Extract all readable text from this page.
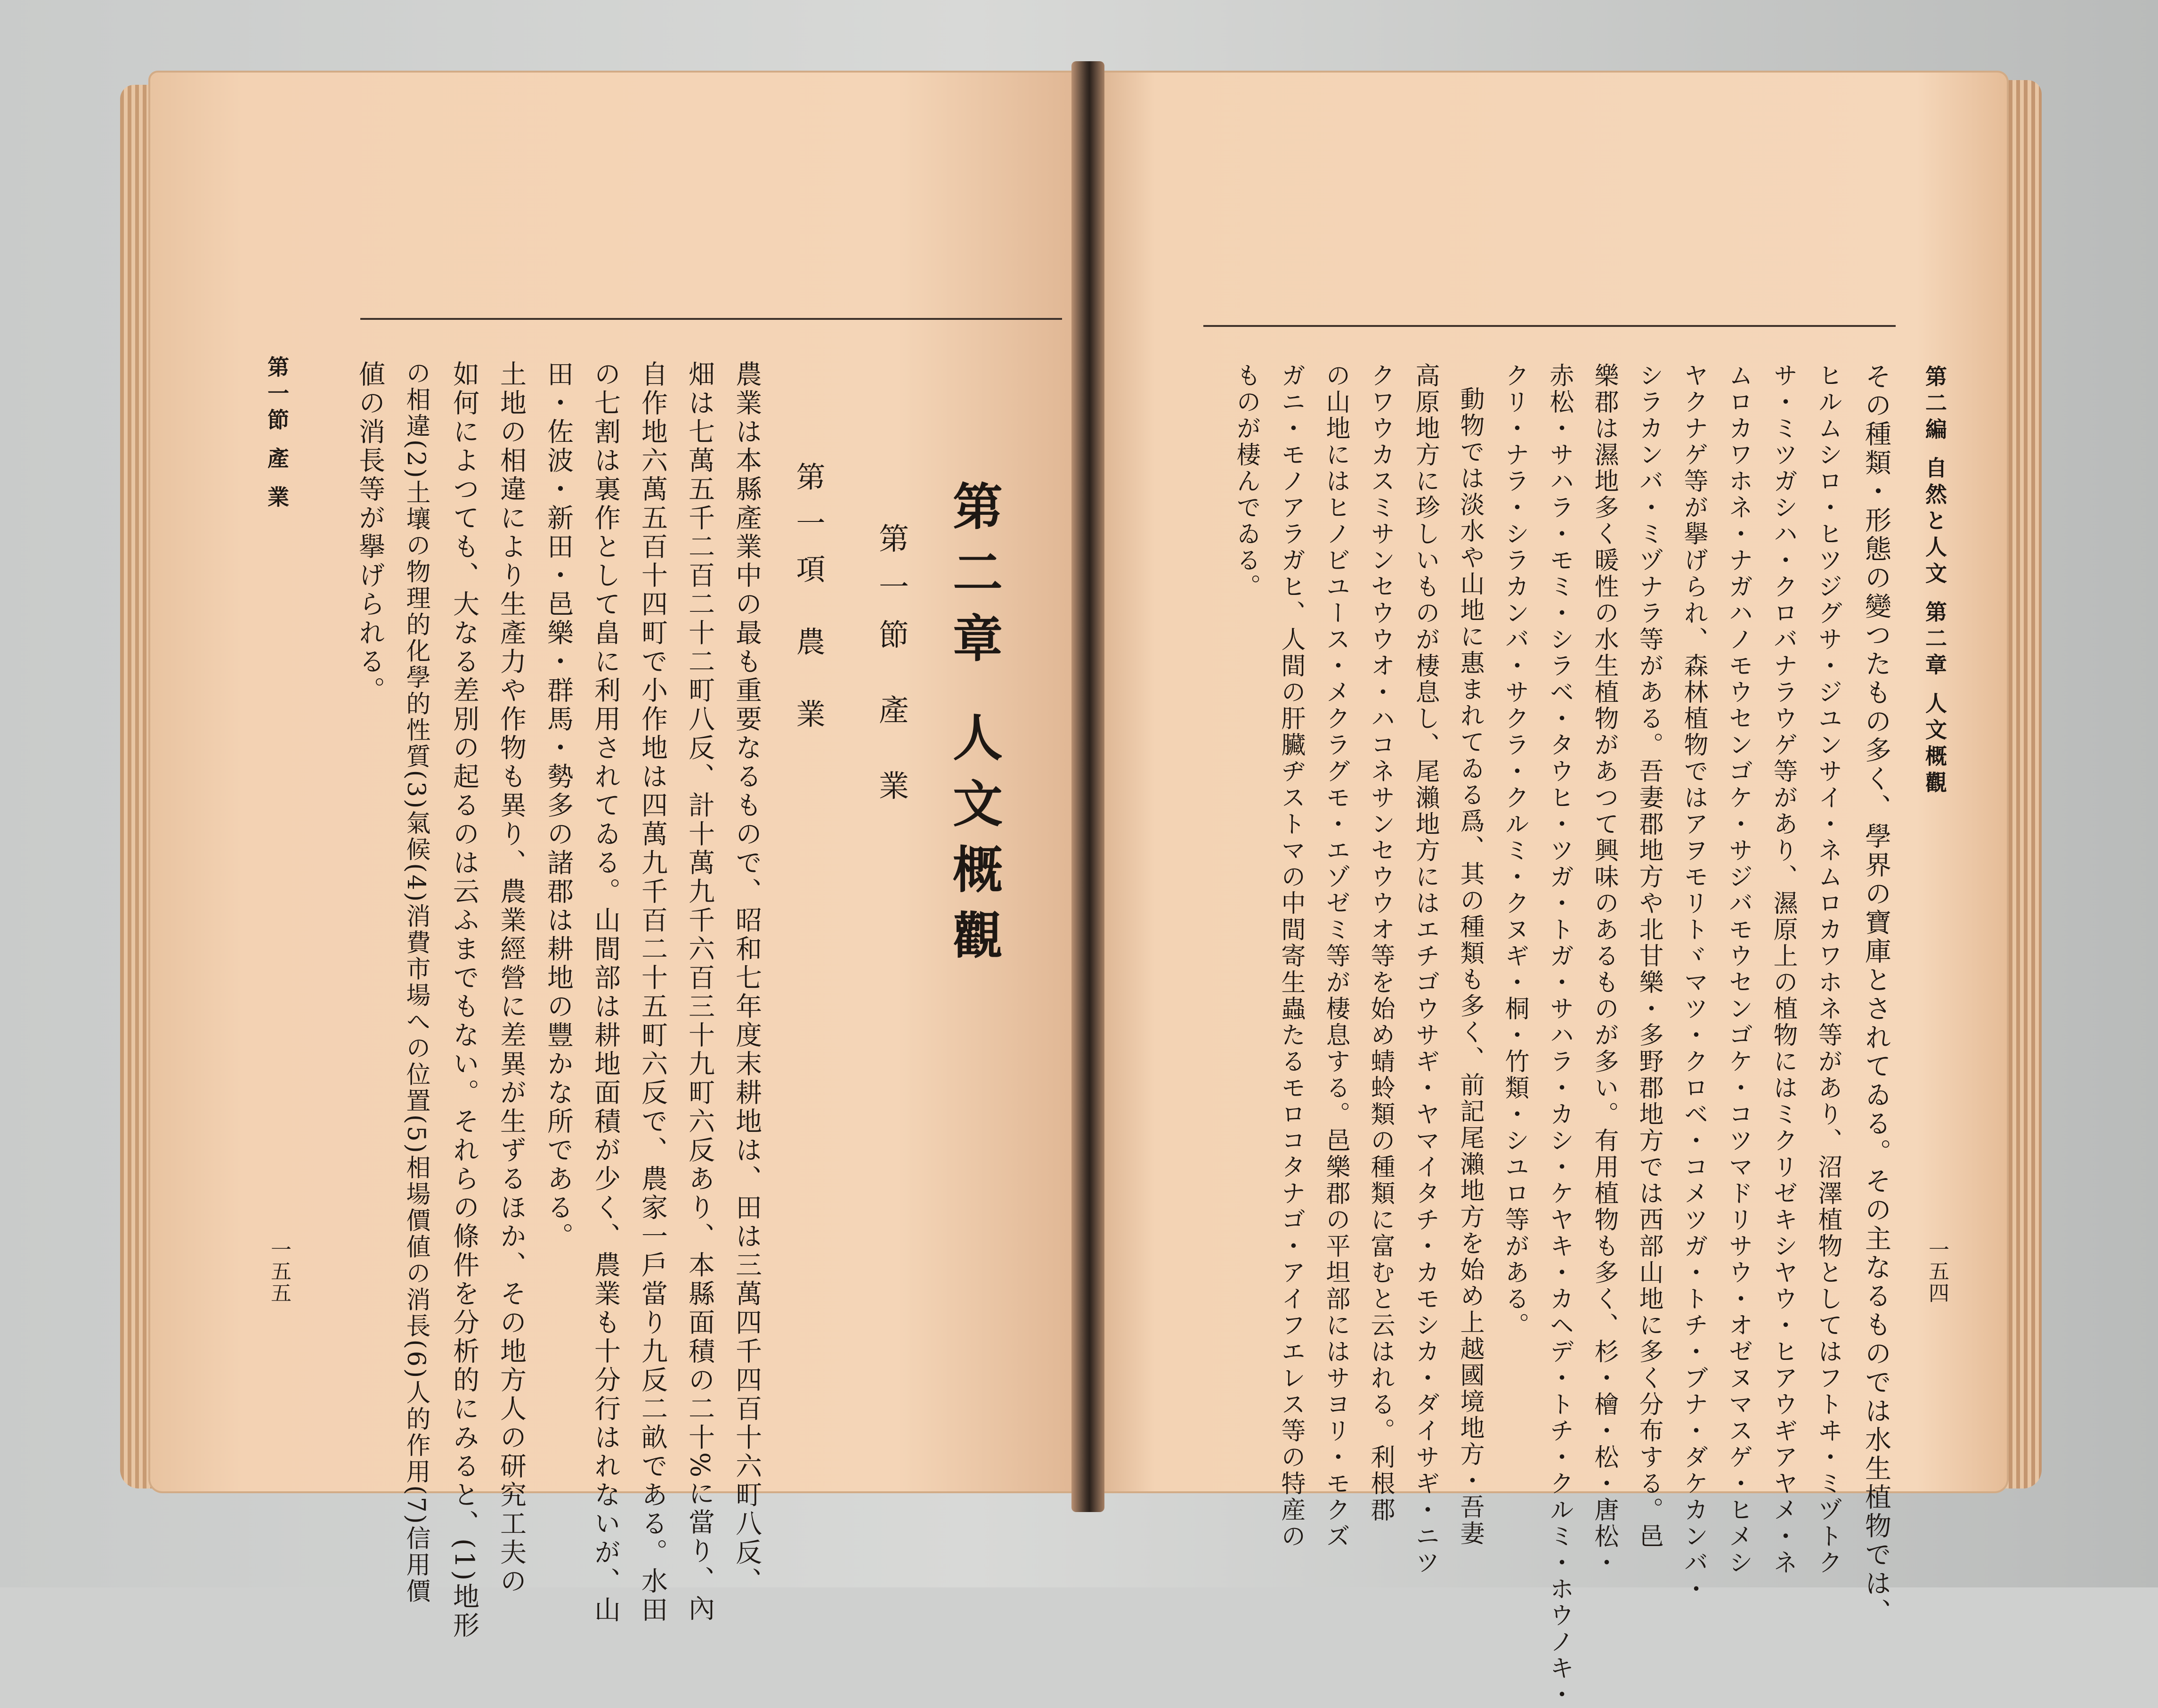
第二章 人文概觀
第一節 產 業
第一項 農 業
農業は本縣產業中の最も重要なるもので、昭和七年度末耕地は、田は三萬四千四百十六町八反、
畑は七萬五千二百二十二町八反、計十萬九千六百三十九町六反あり、本縣面積の二十%に當り、內
自作地六萬五百十四町で小作地は四萬九千百二十五町六反で、農家一戶當り九反二畝である。水田
の七割は裏作として畠に利用されてゐる。山間部は耕地面積が少く、農業も十分行はれないが、山
田・佐波・新田・邑樂・群馬・勢多の諸郡は耕地の豐かな所である。
土地の相違により生產力や作物も異り、農業經營に差異が生ずるほか、その地方人の研究工夫の
如何によつても、大なる差別の起るのは云ふまでもない。それらの條件を分析的にみると、(1)地形
の相違(2)土壤の物理的化學的性質(3)氣候(4)消費市場への位置(5)相場價値の消長(6)人的作用(7)信用價
値の消長等が擧げられる。
第一節 產 業
一五五
第二編 自然と人文 第二章 人文概觀
一五四
その種類・形態の變つたもの多く、學界の寶庫とされてゐる。その主なるものでは水生植物では、
ヒルムシロ・ヒツジグサ・ジユンサイ・ネムロカワホネ等があり、沼澤植物としてはフトヰ・ミヅトク
サ・ミツガシハ・クロバナラウゲ等があり、濕原上の植物にはミクリゼキシヤウ・ヒアウギアヤメ・ネ
ムロカワホネ・ナガハノモウセンゴケ・サジバモウセンゴケ・コツマドリサウ・オゼヌマスゲ・ヒメシ
ヤクナゲ等が擧げられ、森林植物ではアヲモリトヾマツ・クロベ・コメツガ・トチ・ブナ・ダケカンバ・
シラカンバ・ミヅナラ等がある。吾妻郡地方や北甘樂・多野郡地方では西部山地に多く分布する。邑
樂郡は濕地多く暖性の水生植物があつて興味のあるものが多い。有用植物も多く、杉・檜・松・唐松・
赤松・サハラ・モミ・シラベ・タウヒ・ツガ・トガ・サハラ・カシ・ケヤキ・カヘデ・トチ・クルミ・ホウノキ・
クリ・ナラ・シラカンバ・サクラ・クルミ・クヌギ・桐・竹類・シユロ等がある。
動物では淡水や山地に惠まれてゐる爲、其の種類も多く、前記尾瀨地方を始め上越國境地方・吾妻
高原地方に珍しいものが棲息し、尾瀨地方にはエチゴウサギ・ヤマイタチ・カモシカ・ダイサギ・ニツ
クワウカスミサンセウウオ・ハコネサンセウウオ等を始め蜻蛉類の種類に富むと云はれる。利根郡
の山地にはヒノビユース・メクラグモ・エゾゼミ等が棲息する。邑樂郡の平坦部にはサヨリ・モクズ
ガニ・モノアラガヒ、人間の肝臟ヂストマの中間寄生蟲たるモロコタナゴ・アイフエレス等の特産の
ものが棲んでゐる。
